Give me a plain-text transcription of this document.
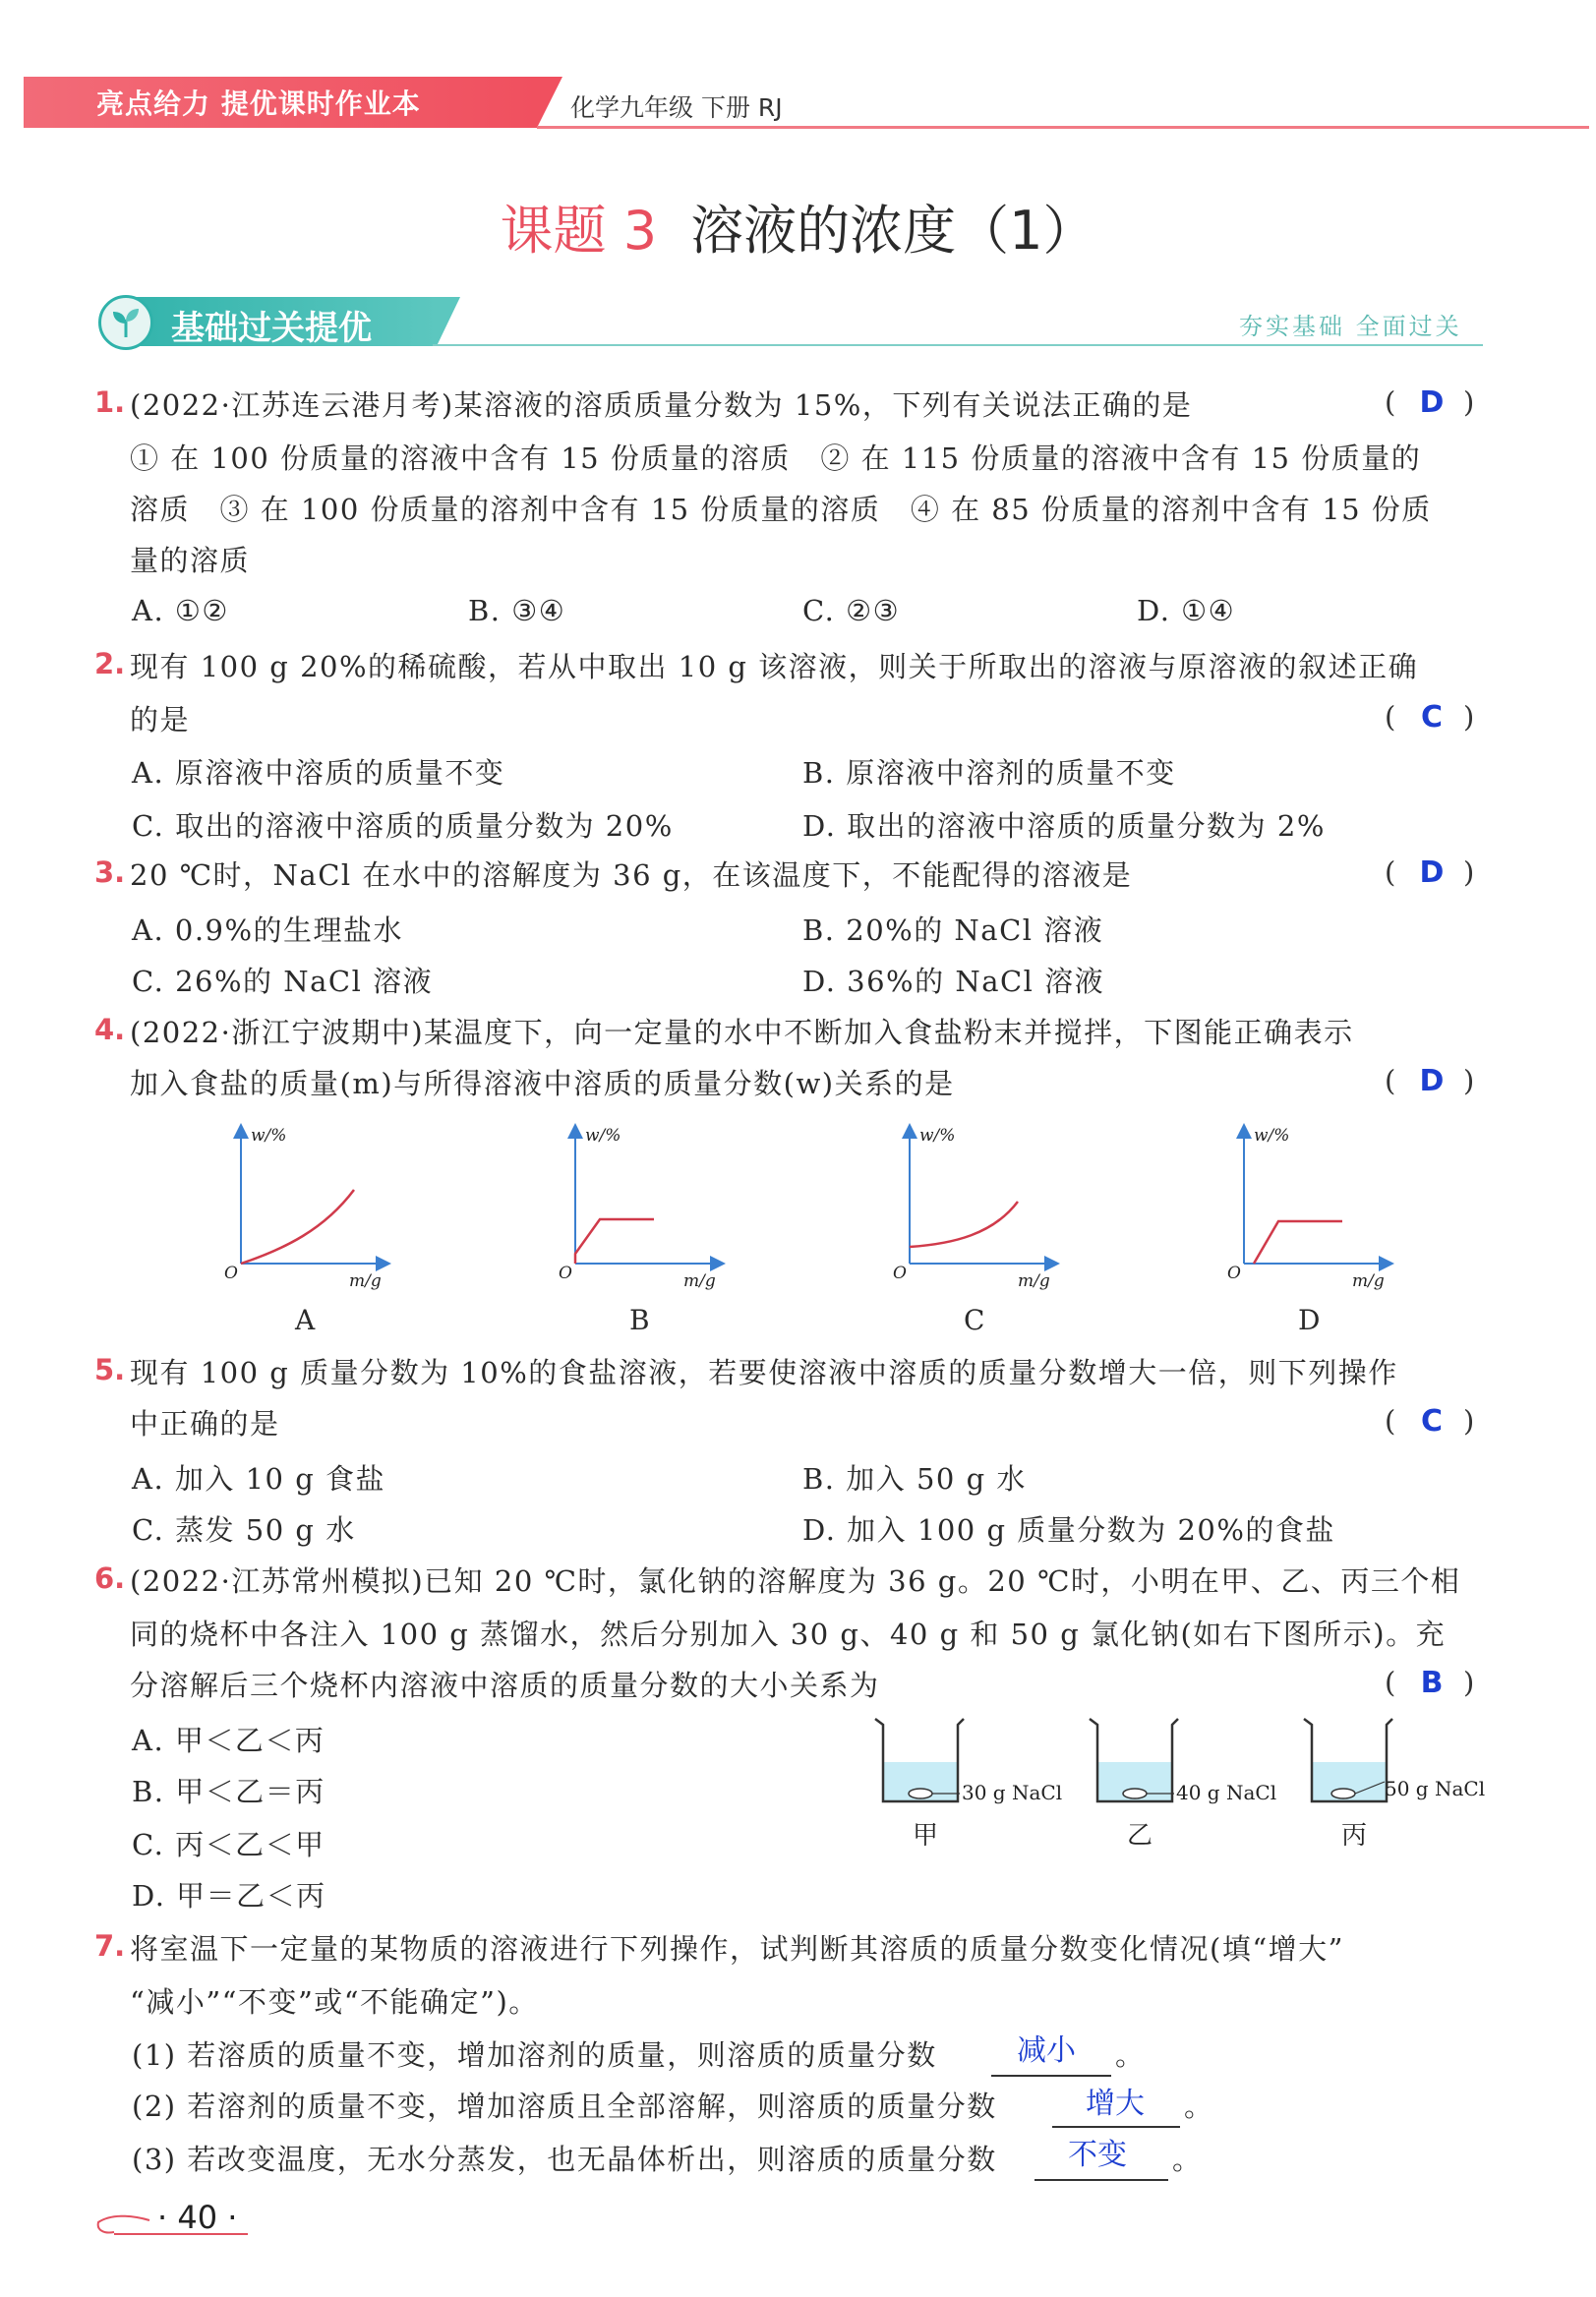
亮点给力 提优课时作业本	化学九年级 下册 RJ
课题 3 溶液的浓度（1）
基础过关提优	夯实基础 全面过关
1. (2022·江苏连云港月考)某溶液的溶质质量分数为 15%，下列有关说法正确的是	( D )
① 在 100 份质量的溶液中含有 15 份质量的溶质　② 在 115 份质量的溶液中含有 15 份质量的
溶质　③ 在 100 份质量的溶剂中含有 15 份质量的溶质　④ 在 85 份质量的溶剂中含有 15 份质
量的溶质
A. ①②	B. ③④	C. ②③	D. ①④
2. 现有 100 g 20%的稀硫酸，若从中取出 10 g 该溶液，则关于所取出的溶液与原溶液的叙述正确
的是	( C )
A. 原溶液中溶质的质量不变	B. 原溶液中溶剂的质量不变
C. 取出的溶液中溶质的质量分数为 20%	D. 取出的溶液中溶质的质量分数为 2%
3. 20 ℃时，NaCl 在水中的溶解度为 36 g，在该温度下，不能配得的溶液是	( D )
A. 0.9%的生理盐水	B. 20%的 NaCl 溶液
C. 26%的 NaCl 溶液	D. 36%的 NaCl 溶液
4. (2022·浙江宁波期中)某温度下，向一定量的水中不断加入食盐粉末并搅拌，下图能正确表示
加入食盐的质量(m)与所得溶液中溶质的质量分数(w)关系的是	( D )
w/%
m/g
O
w/%
m/g
O
w/%
m/g
O
w/%
m/g
O
A	B	C	D
5. 现有 100 g 质量分数为 10%的食盐溶液，若要使溶液中溶质的质量分数增大一倍，则下列操作
中正确的是	( C )
A. 加入 10 g 食盐	B. 加入 50 g 水
C. 蒸发 50 g 水	D. 加入 100 g 质量分数为 20%的食盐
6. (2022·江苏常州模拟)已知 20 ℃时，氯化钠的溶解度为 36 g。20 ℃时，小明在甲、乙、丙三个相
同的烧杯中各注入 100 g 蒸馏水，然后分别加入 30 g、40 g 和 50 g 氯化钠(如右下图所示)。充
分溶解后三个烧杯内溶液中溶质的质量分数的大小关系为	( B )
A. 甲＜乙＜丙
B. 甲＜乙＝丙
C. 丙＜乙＜甲
D. 甲＝乙＜丙
30 g NaCl
甲
40 g NaCl
乙
50 g NaCl
丙
7. 将室温下一定量的某物质的溶液进行下列操作，试判断其溶质的质量分数变化情况(填“增大”
“减小”“不变”或“不能确定”)。
(1) 若溶质的质量不变，增加溶剂的质量，则溶质的质量分数	减小 。
(2) 若溶剂的质量不变，增加溶质且全部溶解，则溶质的质量分数	增大 。
(3) 若改变温度，无水分蒸发，也无晶体析出，则溶质的质量分数 不变 。
· 40 ·
